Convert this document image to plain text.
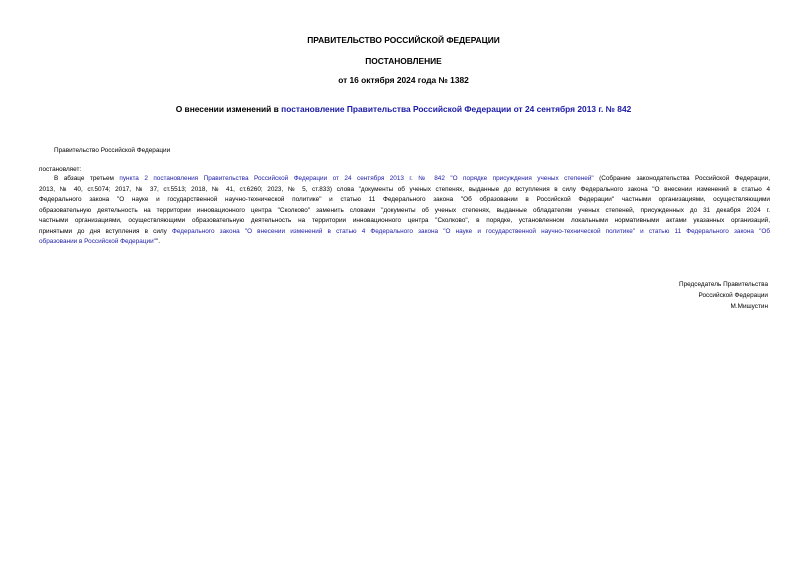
ПРАВИТЕЛЬСТВО РОССИЙСКОЙ ФЕДЕРАЦИИ
ПОСТАНОВЛЕНИЕ
от 16 октября 2024 года № 1382
О внесении изменений в постановление Правительства Российской Федерации от 24 сентября 2013 г. № 842
Правительство Российской Федерации
постановляет:
В абзаце третьем пункта 2 постановления Правительства Российской Федерации от 24 сентября 2013 г. № 842 "О порядке присуждения ученых степеней" (Собрание законодательства Российской Федерации,
2013, № 40, ст.5074; 2017, № 37, ст.5513; 2018, № 41, ст.6260; 2023, № 5, ст.833) слова "документы об ученых степенях, выданные до вступления в силу Федерального закона "О внесении изменений в статью 4
Федерального закона "О науке и государственной научно-технической политике" и статью 11 Федерального закона "Об образовании в Российской Федерации" частными организациями, осуществляющими
образовательную деятельность на территории инновационного центра "Сколково" заменить словами "документы об ученых степенях, выданные обладателям ученых степеней, присужденных до 31 декабря 2024 г.
частными организациями, осуществляющими образовательную деятельность на территории инновационного центра "Сколково", в порядке, установленном локальными нормативными актами указанных организаций,
принятыми до дня вступления в силу Федерального закона "О внесении изменений в статью 4 Федерального закона "О науке и государственной научно-технической политике" и статью 11 Федерального закона "Об
образовании в Российской Федерации"".
Председатель Правительства
Российской Федерации
М.Мишустин
